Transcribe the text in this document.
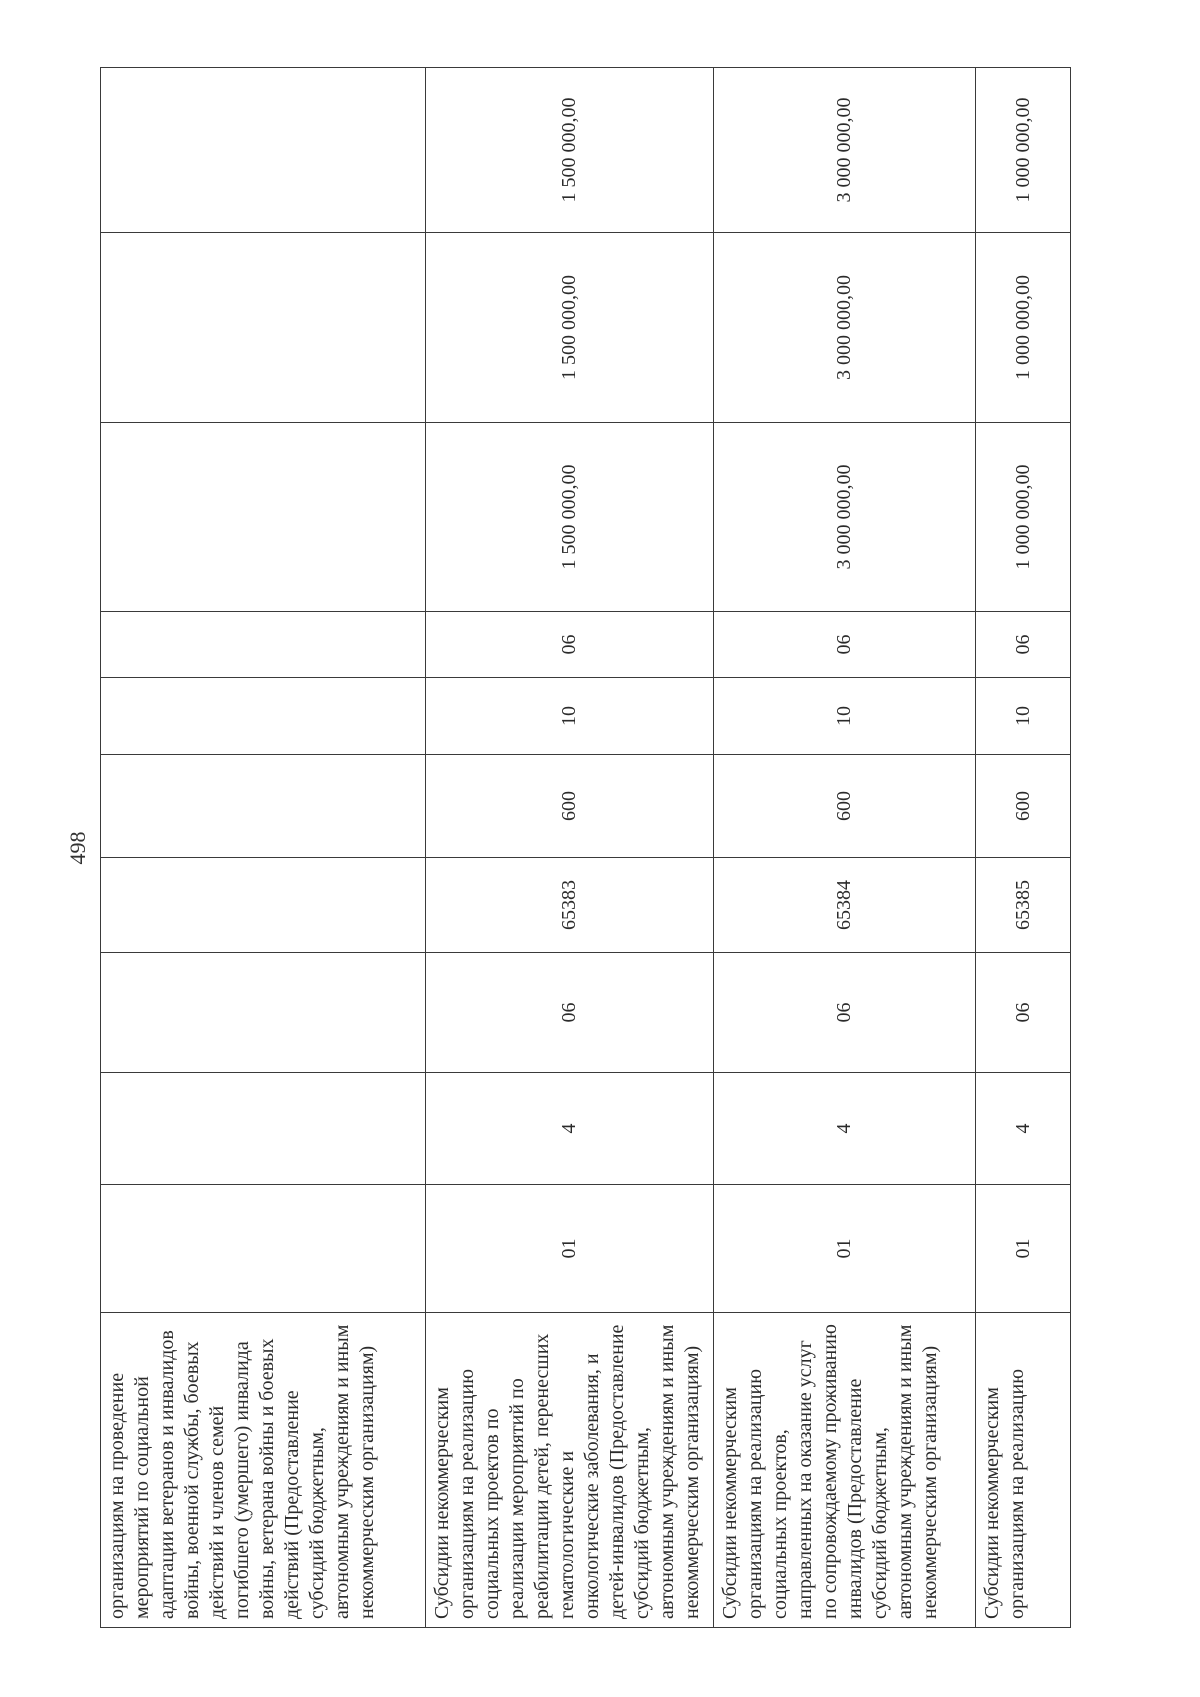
498
организациям на проведение мероприятий по социальной адаптации ветеранов и инвалидов войны, военной службы, боевых действий и членов семей погибшего (умершего) инвалида войны, ветерана войны и боевых действий (Предоставление субсидий бюджетным, автономным учреждениям и иным некоммерческим организациям)										
Субсидии некоммерческим организациям на реализацию социальных проектов по реализации мероприятий по реабилитации детей, перенесших гематологические и онкологические заболевания, и детей-инвалидов (Предоставление субсидий бюджетным, автономным учреждениям и иным некоммерческим организациям)	01	4	06	65383	600	10	06	1 500 000,00	1 500 000,00	1 500 000,00
Субсидии некоммерческим организациям на реализацию социальных проектов, направленных на оказание услуг по сопровождаемому проживанию инвалидов (Предоставление субсидий бюджетным, автономным учреждениям и иным некоммерческим организациям)	01	4	06	65384	600	10	06	3 000 000,00	3 000 000,00	3 000 000,00
Субсидии некоммерческим организациям на реализацию	01	4	06	65385	600	10	06	1 000 000,00	1 000 000,00	1 000 000,00
